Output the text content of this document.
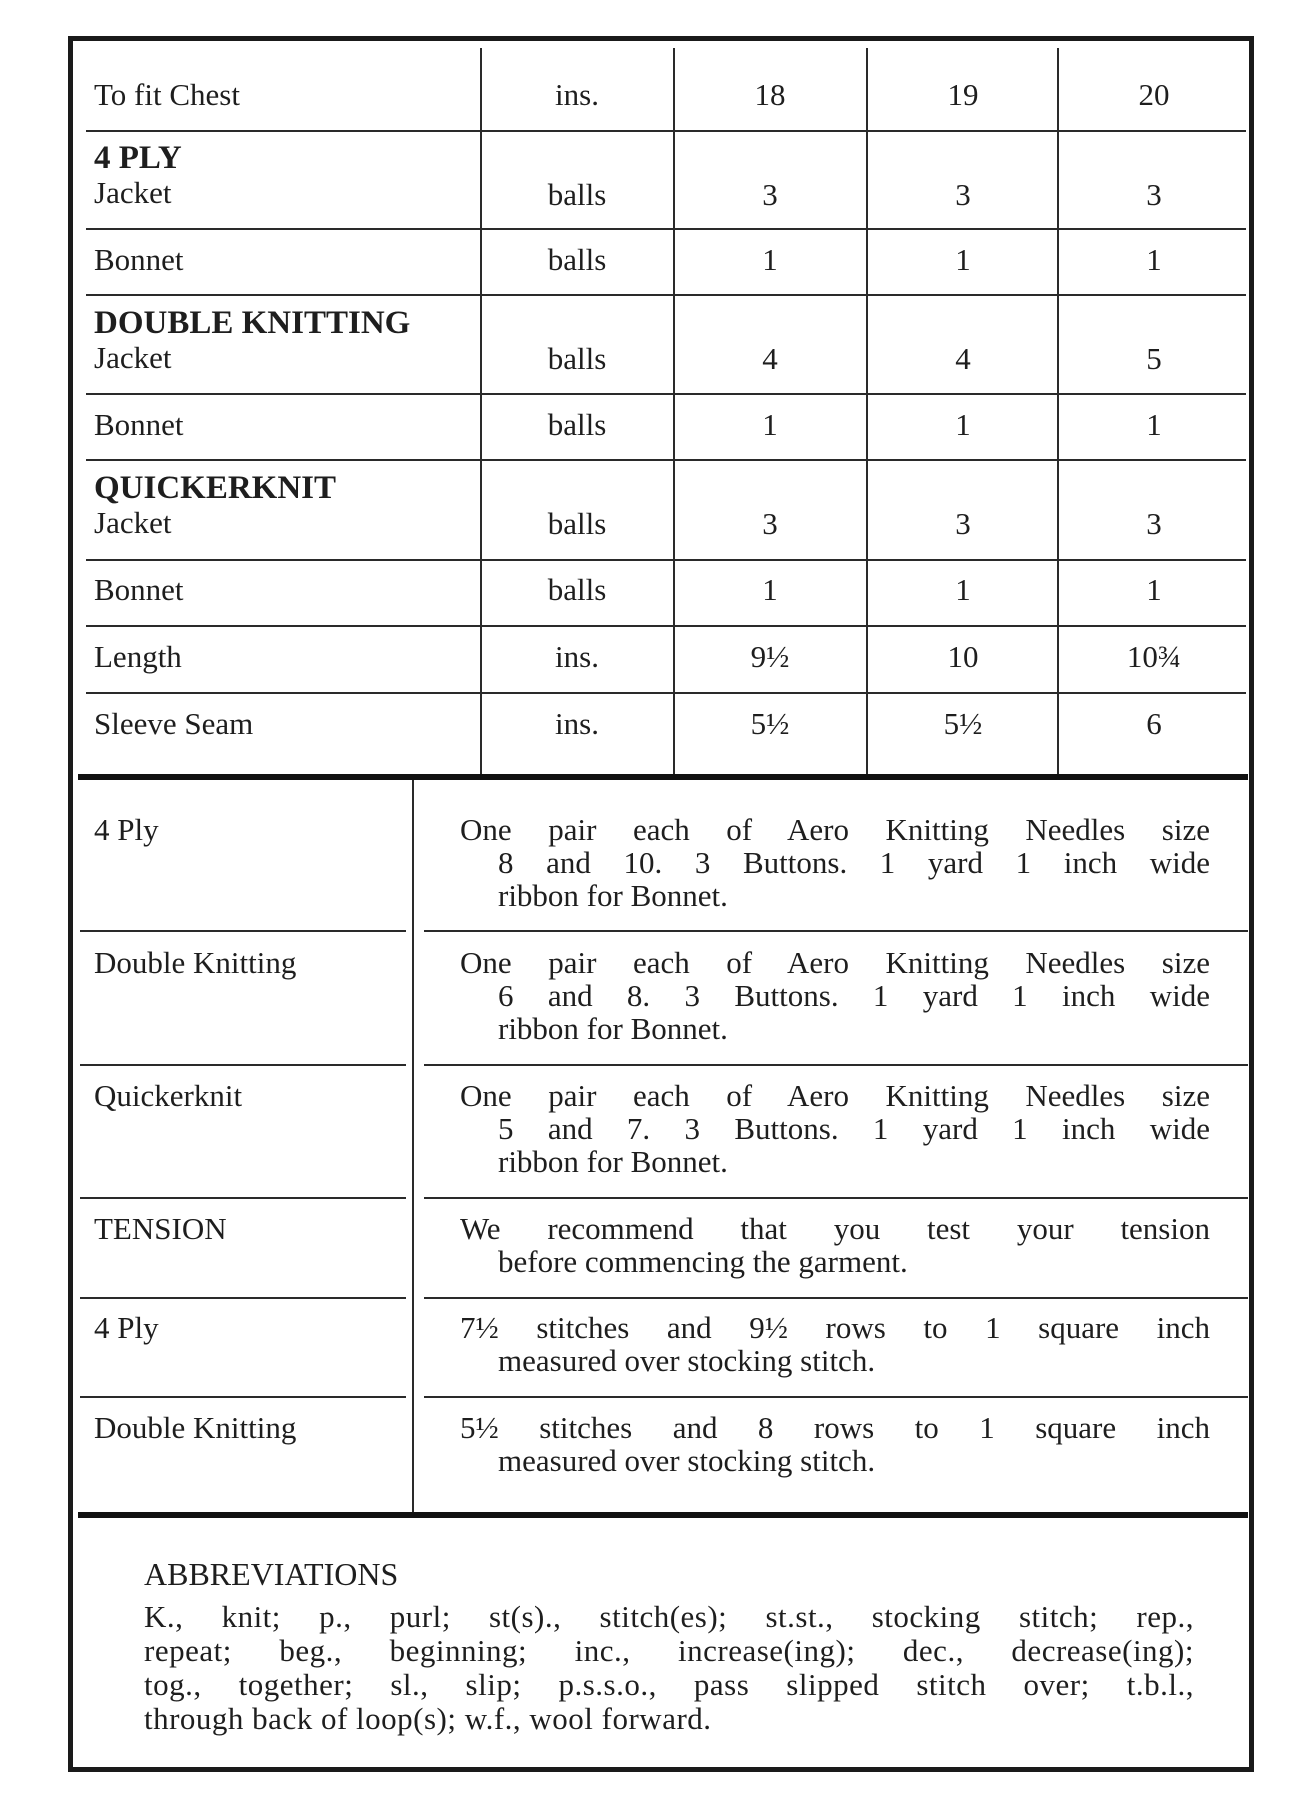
To fit Chest	ins.	18	19	20
4 PLY
Jacket	balls	3	3	3
Bonnet	balls	1	1	1
DOUBLE KNITTING
Jacket	balls	4	4	5
Bonnet	balls	1	1	1
QUICKERKNIT
Jacket	balls	3	3	3
Bonnet	balls	1	1	1
Length	ins.	9½	10	10¾
Sleeve Seam	ins.	5½	5½	6
4 Ply	One pair each of Aero Knitting Needles size
8 and 10. 3 Buttons. 1 yard 1 inch wide
ribbon for Bonnet.
Double Knitting	One pair each of Aero Knitting Needles size
6 and 8. 3 Buttons. 1 yard 1 inch wide
ribbon for Bonnet.
Quickerknit	One pair each of Aero Knitting Needles size
5 and 7. 3 Buttons. 1 yard 1 inch wide
ribbon for Bonnet.
TENSION	We recommend that you test your tension
before commencing the garment.
4 Ply	7½ stitches and 9½ rows to 1 square inch
measured over stocking stitch.
Double Knitting	5½ stitches and 8 rows to 1 square inch
measured over stocking stitch.
ABBREVIATIONS
K., knit; p., purl; st(s)., stitch(es); st.st., stocking stitch; rep.,
repeat; beg., beginning; inc., increase(ing); dec., decrease(ing);
tog., together; sl., slip; p.s.s.o., pass slipped stitch over; t.b.l.,
through back of loop(s); w.f., wool forward.
